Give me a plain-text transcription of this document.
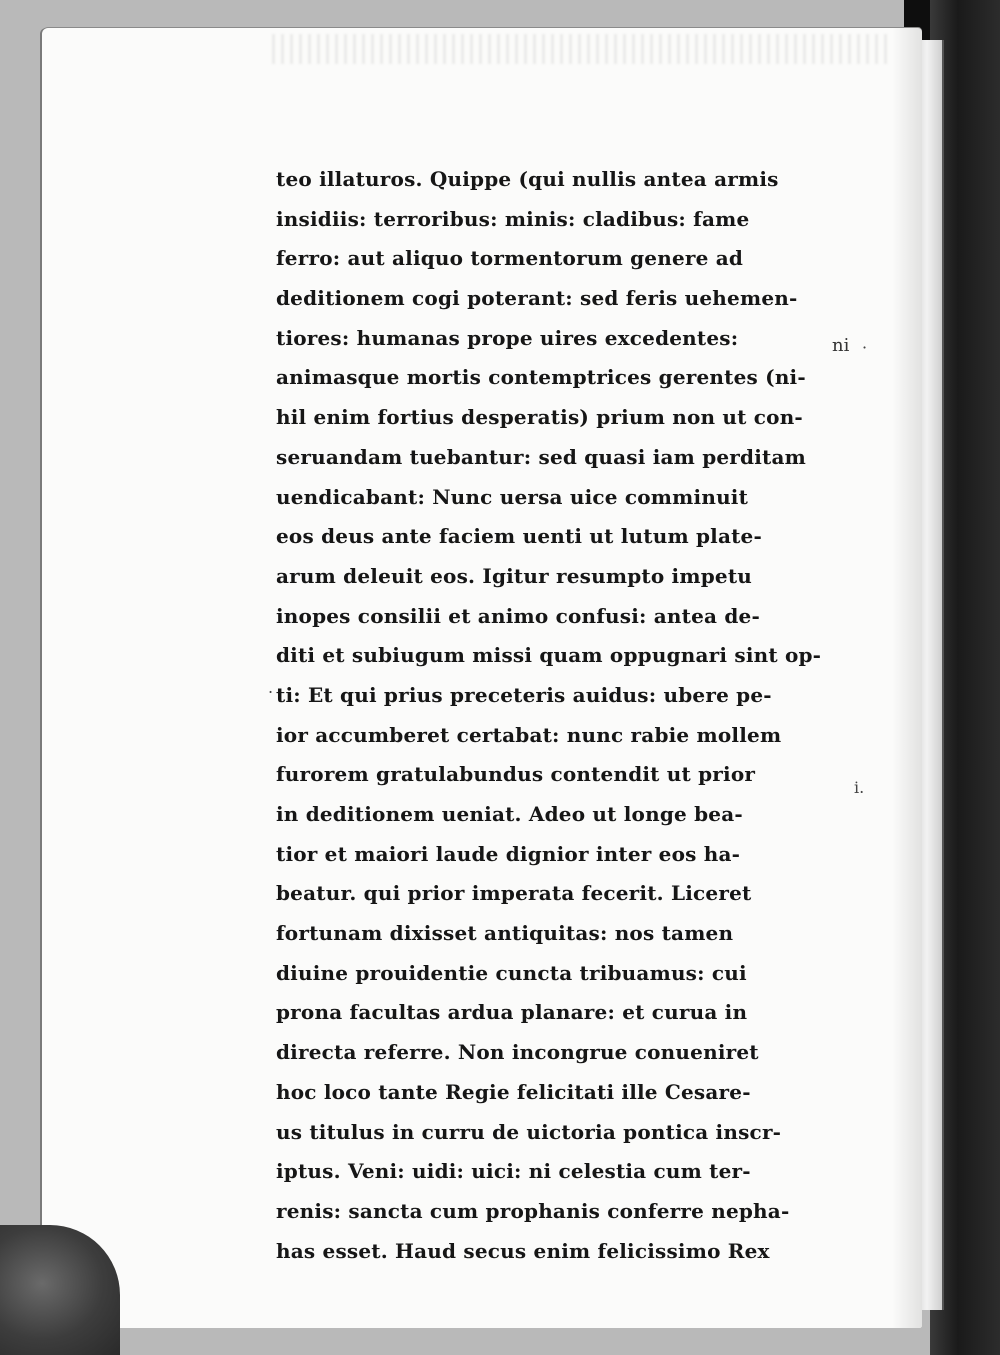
teo illaturos. Quippe (qui nullis antea armis
insidiis: terroribus: minis: cladibus: fame
ferro: aut aliquo tormentorum genere ad
deditionem cogi poterant: sed feris uehemen-
tiores: humanas prope uires excedentes:
animasque mortis contemptrices gerentes (ni-
hil enim fortius desperatis) prium non ut con-
seruandam tuebantur: sed quasi iam perditam
uendicabant: Nunc uersa uice comminuit
eos deus ante faciem uenti ut lutum plate-
arum deleuit eos. Igitur resumpto impetu
inopes consilii et animo confusi: antea de-
diti et subiugum missi quam oppugnari sint op-
ti: Et qui prius preceteris auidus: ubere pe-
ior accumberet certabat: nunc rabie mollem
furorem gratulabundus contendit ut prior
in deditionem ueniat. Adeo ut longe bea-
tior et maiori laude dignior inter eos ha-
beatur. qui prior imperata fecerit. Liceret
fortunam dixisset antiquitas: nos tamen
diuine prouidentie cuncta tribuamus: cui
prona facultas ardua planare: et curua in
directa referre. Non incongrue conueniret
hoc loco tante Regie felicitati ille Cesare-
us titulus in curru de uictoria pontica inscr-
iptus. Veni: uidi: uici: ni celestia cum ter-
renis: sancta cum prophanis conferre nepha-
has esset. Haud secus enim felicissimo Rex
ni
.
·
i.
